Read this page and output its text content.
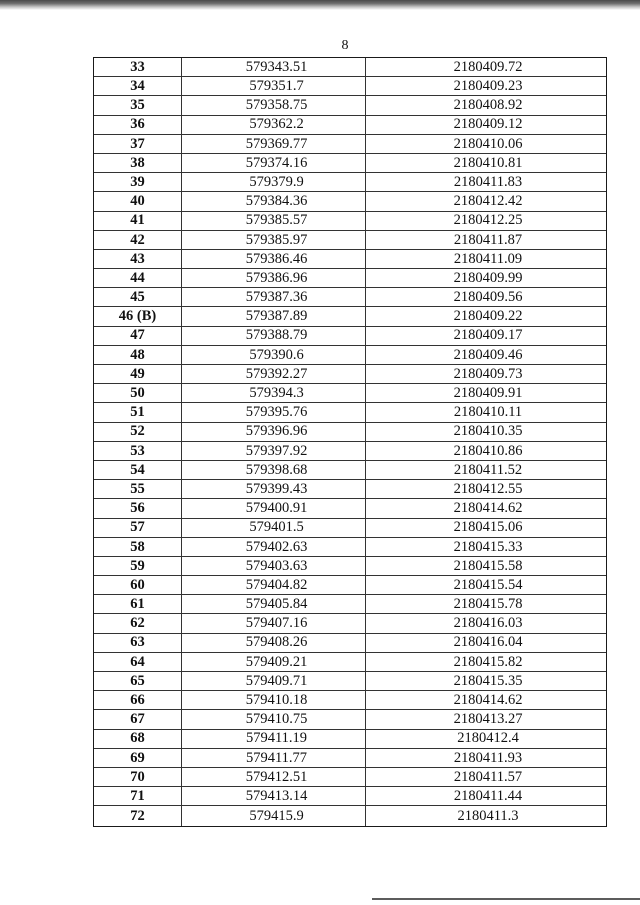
8
33	579343.51	2180409.72
34	579351.7	2180409.23
35	579358.75	2180408.92
36	579362.2	2180409.12
37	579369.77	2180410.06
38	579374.16	2180410.81
39	579379.9	2180411.83
40	579384.36	2180412.42
41	579385.57	2180412.25
42	579385.97	2180411.87
43	579386.46	2180411.09
44	579386.96	2180409.99
45	579387.36	2180409.56
46 (B)	579387.89	2180409.22
47	579388.79	2180409.17
48	579390.6	2180409.46
49	579392.27	2180409.73
50	579394.3	2180409.91
51	579395.76	2180410.11
52	579396.96	2180410.35
53	579397.92	2180410.86
54	579398.68	2180411.52
55	579399.43	2180412.55
56	579400.91	2180414.62
57	579401.5	2180415.06
58	579402.63	2180415.33
59	579403.63	2180415.58
60	579404.82	2180415.54
61	579405.84	2180415.78
62	579407.16	2180416.03
63	579408.26	2180416.04
64	579409.21	2180415.82
65	579409.71	2180415.35
66	579410.18	2180414.62
67	579410.75	2180413.27
68	579411.19	2180412.4
69	579411.77	2180411.93
70	579412.51	2180411.57
71	579413.14	2180411.44
72	579415.9	2180411.3
